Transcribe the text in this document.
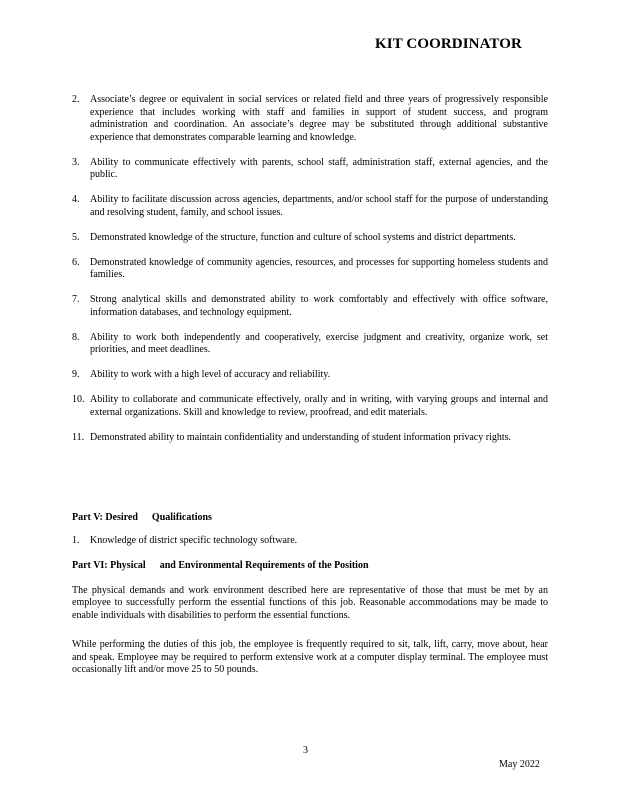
KIT COORDINATOR
2.	Associate’s degree or equivalent in social services or related field and three years of progressively responsible experience that includes working with staff and families in support of student success, and program administration and coordination. An associate’s degree may be substituted through additional substantive experience that demonstrates comparable learning and knowledge.
3.	Ability to communicate effectively with parents, school staff, administration staff, external agencies, and the public.
4.	Ability to facilitate discussion across agencies, departments, and/or school staff for the purpose of understanding and resolving student, family, and school issues.
5.	Demonstrated knowledge of the structure, function and culture of school systems and district departments.
6.	Demonstrated knowledge of community agencies, resources, and processes for supporting homeless students and families.
7.	Strong analytical skills and demonstrated ability to work comfortably and effectively with office software, information databases, and technology equipment.
8.	Ability to work both independently and cooperatively, exercise judgment and creativity, organize work, set priorities, and meet deadlines.
9.	Ability to work with a high level of accuracy and reliability.
10. Ability to collaborate and communicate effectively, orally and in writing, with varying groups and internal and external organizations. Skill and knowledge to review, proofread, and edit materials.
11. Demonstrated ability to maintain confidentiality and understanding of student information privacy rights.
Part V: Desired Qualifications
1.	Knowledge of district specific technology software.
Part VI: Physical and Environmental Requirements of the Position

The physical demands and work environment described here are representative of those that must be met by an employee to successfully perform the essential functions of this job. Reasonable accommodations may be made to enable individuals with disabilities to perform the essential functions.

While performing the duties of this job, the employee is frequently required to sit, talk, lift, carry, move about, hear and speak. Employee may be required to perform extensive work at a computer display terminal. The employee must occasionally lift and/or move 25 to 50 pounds.

3
May 2022
